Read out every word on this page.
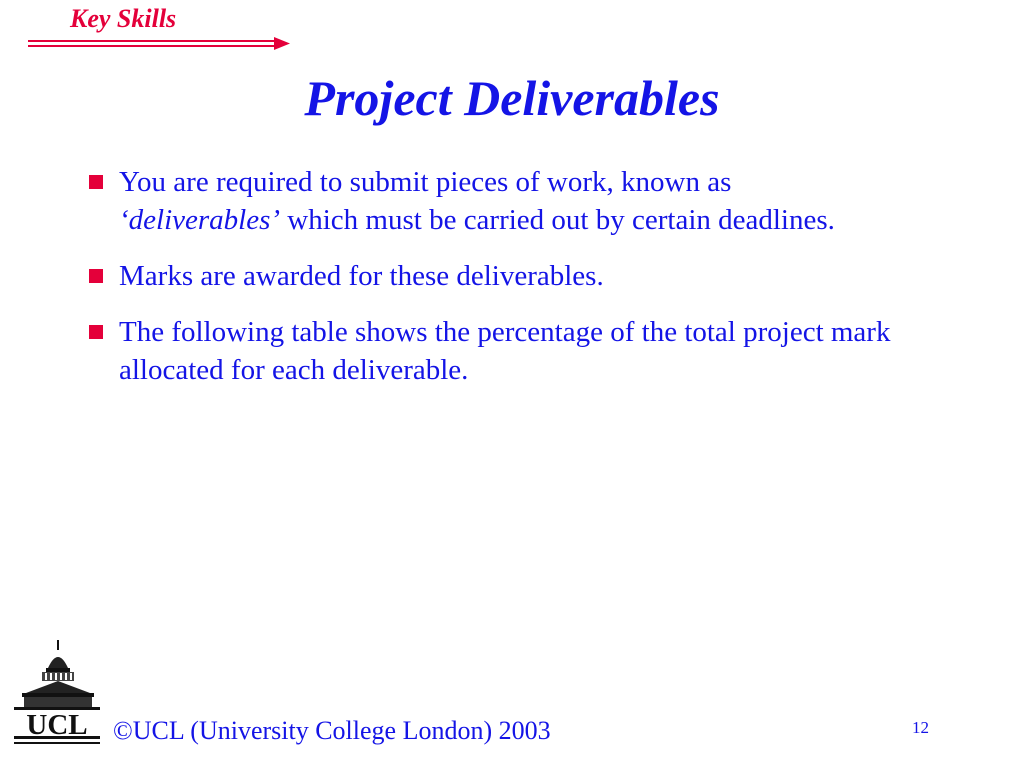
Key Skills
Project Deliverables
You are required to submit pieces of work, known as
‘deliverables’ which must be carried out by certain deadlines.
Marks are awarded for these deliverables.
The following table shows the percentage of the total project mark allocated for each deliverable.
UCL ©UCL (University College London) 2003	12
